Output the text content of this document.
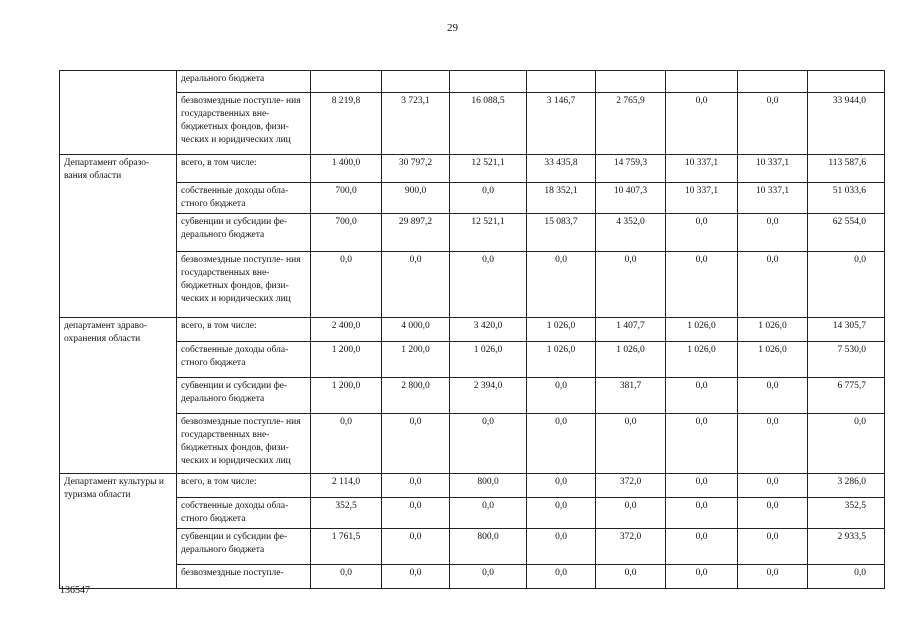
29
	дерального бюджета								
	безвозмездные поступле- ния государственных вне- бюджетных фондов, физи- ческих и юридических лиц	8 219,8	3 723,1	16 088,5	3 146,7	2 765,9	0,0	0,0	33 944,0
Департамент образо- вания области	всего, в том числе:	1 400,0	30 797,2	12 521,1	33 435,8	14 759,3	10 337,1	10 337,1	113 587,6
	собственные доходы обла- стного бюджета	700,0	900,0	0,0	18 352,1	10 407,3	10 337,1	10 337,1	51 033,6
	субвенции и субсидии фе- дерального бюджета	700,0	29 897,2	12 521,1	15 083,7	4 352,0	0,0	0,0	62 554,0
	безвозмездные поступле- ния государственных вне- бюджетных фондов, физи- ческих и юридических лиц	0,0	0,0	0,0	0,0	0,0	0,0	0,0	0,0
департамент здраво- охранения области	всего, в том числе:	2 400,0	4 000,0	3 420,0	1 026,0	1 407,7	1 026,0	1 026,0	14 305,7
	собственные доходы обла- стного бюджета	1 200,0	1 200,0	1 026,0	1 026,0	1 026,0	1 026,0	1 026,0	7 530,0
	субвенции и субсидии фе- дерального бюджета	1 200,0	2 800,0	2 394,0	0,0	381,7	0,0	0,0	6 775,7
	безвозмездные поступле- ния государственных вне- бюджетных фондов, физи- ческих и юридических лиц	0,0	0,0	0,0	0,0	0,0	0,0	0,0	0,0
Департамент культуры и туризма области	всего, в том числе:	2 114,0	0,0	800,0	0,0	372,0	0,0	0,0	3 286,0
	собственные доходы обла- стного бюджета	352,5	0,0	0,0	0,0	0,0	0,0	0,0	352,5
	субвенции и субсидии фе- дерального бюджета	1 761,5	0,0	800,0	0,0	372,0	0,0	0,0	2 933,5
	безвозмездные поступле-	0,0	0,0	0,0	0,0	0,0	0,0	0,0	0,0
136547
